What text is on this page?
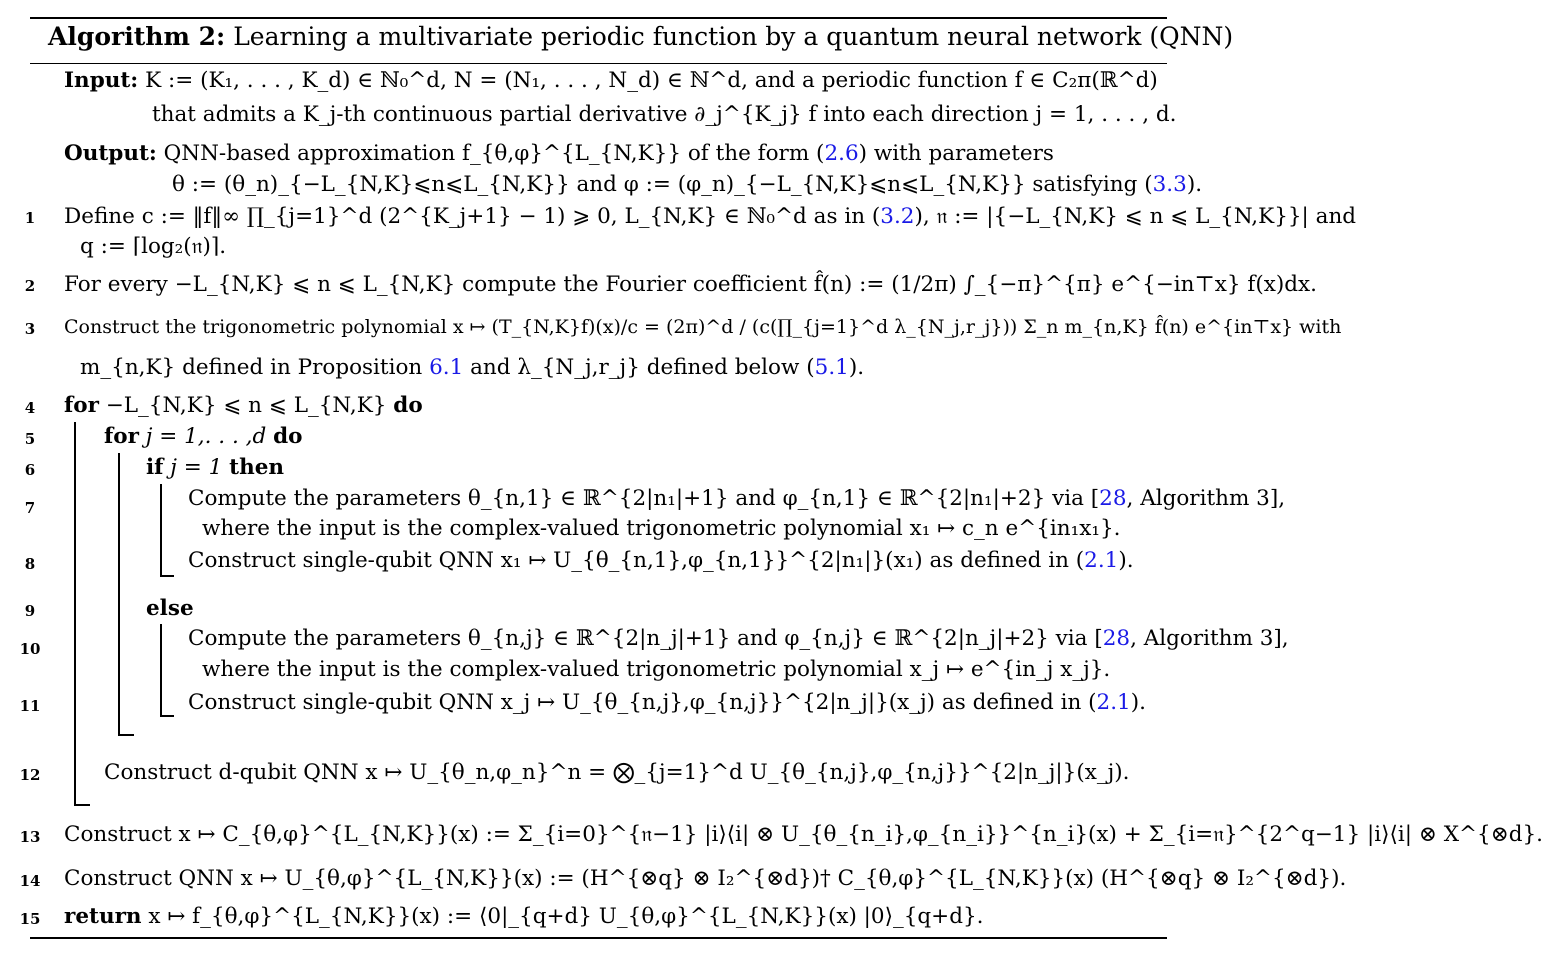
Algorithm 2: Learning a multivariate periodic function by a quantum neural network (QNN)
Input: K := (K₁, . . . , K_d) ∈ ℕ₀^d, N = (N₁, . . . , N_d) ∈ ℕ^d, and a periodic function f ∈ C₂π(ℝ^d)
that admits a K_j-th continuous partial derivative ∂_j^{K_j} f into each direction j = 1, . . . , d.
Output: QNN-based approximation f_{θ,φ}^{L_{N,K}} of the form (2.6) with parameters
θ := (θ_n)_{−L_{N,K}⩽n⩽L_{N,K}} and φ := (φ_n)_{−L_{N,K}⩽n⩽L_{N,K}} satisfying (3.3).
1	Define c := ‖f‖∞ ∏_{j=1}^d (2^{K_j+1} − 1) ⩾ 0, L_{N,K} ∈ ℕ₀^d as in (3.2), 𝔫 := |{−L_{N,K} ⩽ n ⩽ L_{N,K}}| and
q := ⌈log₂(𝔫)⌉.
2	For every −L_{N,K} ⩽ n ⩽ L_{N,K} compute the Fourier coefficient f̂(n) := (1/2π) ∫_{−π}^{π} e^{−in⊤x} f(x)dx.
3	Construct the trigonometric polynomial x ↦ (T_{N,K}f)(x)/c = (2π)^d / (c(∏_{j=1}^d λ_{N_j,r_j})) Σ_n m_{n,K} f̂(n) e^{in⊤x} with
m_{n,K} defined in Proposition 6.1 and λ_{N_j,r_j} defined below (5.1).
4	for −L_{N,K} ⩽ n ⩽ L_{N,K} do
5	for j = 1,. . . ,d do
6	if j = 1 then
7	Compute the parameters θ_{n,1} ∈ ℝ^{2|n₁|+1} and φ_{n,1} ∈ ℝ^{2|n₁|+2} via [28, Algorithm 3],
where the input is the complex-valued trigonometric polynomial x₁ ↦ c_n e^{in₁x₁}.
8	Construct single-qubit QNN x₁ ↦ U_{θ_{n,1},φ_{n,1}}^{2|n₁|}(x₁) as defined in (2.1).
9	else
10	Compute the parameters θ_{n,j} ∈ ℝ^{2|n_j|+1} and φ_{n,j} ∈ ℝ^{2|n_j|+2} via [28, Algorithm 3],
where the input is the complex-valued trigonometric polynomial x_j ↦ e^{in_j x_j}.
11	Construct single-qubit QNN x_j ↦ U_{θ_{n,j},φ_{n,j}}^{2|n_j|}(x_j) as defined in (2.1).
12	Construct d-qubit QNN x ↦ U_{θ_n,φ_n}^n = ⨂_{j=1}^d U_{θ_{n,j},φ_{n,j}}^{2|n_j|}(x_j).
13 Construct x ↦ C_{θ,φ}^{L_{N,K}}(x) := Σ_{i=0}^{𝔫−1} |i⟩⟨i| ⊗ U_{θ_{n_i},φ_{n_i}}^{n_i}(x) + Σ_{i=𝔫}^{2^q−1} |i⟩⟨i| ⊗ X^{⊗d}.
14 Construct QNN x ↦ U_{θ,φ}^{L_{N,K}}(x) := (H^{⊗q} ⊗ I₂^{⊗d})† C_{θ,φ}^{L_{N,K}}(x) (H^{⊗q} ⊗ I₂^{⊗d}).
15 return x ↦ f_{θ,φ}^{L_{N,K}}(x) := ⟨0|_{q+d} U_{θ,φ}^{L_{N,K}}(x) |0⟩_{q+d}.
